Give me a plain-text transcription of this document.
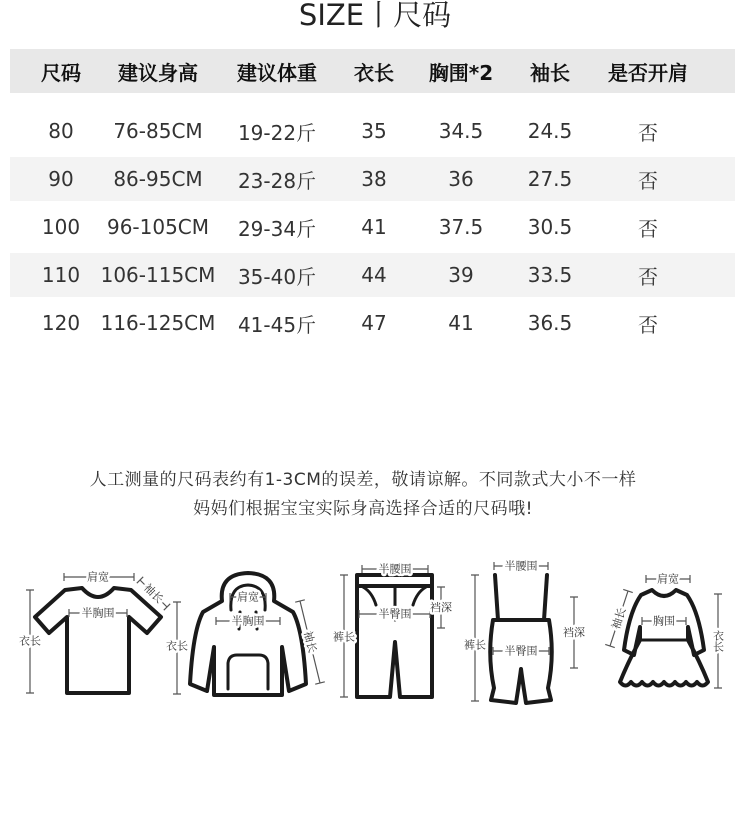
SIZE丨尺码
尺码	建议身高	建议体重	衣长	胸围*2	袖长	是否开肩
80	76-85CM	19-22斤	35	34.5	24.5	否
90	86-95CM	23-28斤	38	36	27.5	否
100	96-105CM	29-34斤	41	37.5	30.5	否
110	106-115CM	35-40斤	44	39	33.5	否
120	116-125CM	41-45斤	47	41	36.5	否
人工测量的尺码表约有1-3CM的误差，敬请谅解。不同款式大小不一样
妈妈们根据宝宝实际身高选择合适的尺码哦!
肩宽
袖长
半胸围
衣长
肩宽
半胸围
衣长	袖长
半腰围
半臀围 裆深
裤长
半腰围
半臀围
裆深
裤长
肩宽
胸围
袖长
衣长
